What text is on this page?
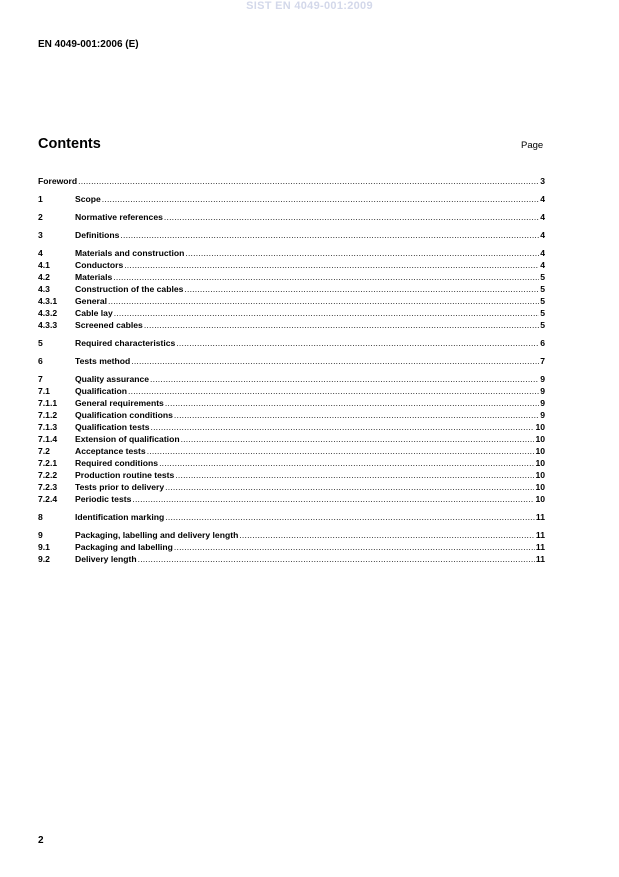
SIST EN 4049-001:2009
EN 4049-001:2006 (E)
Contents	Page
Foreword .....	3
1	Scope .....	4
2	Normative references .....	4
3	Definitions .....	4
4	Materials and construction .....	4
4.1	Conductors .....	4
4.2	Materials .....	5
4.3	Construction of the cables .....	5
4.3.1	General .....	5
4.3.2	Cable lay .....	5
4.3.3	Screened cables .....	5
5	Required characteristics .....	6
6	Tests method .....	7
7	Quality assurance .....	9
7.1	Qualification .....	9
7.1.1	General requirements .....	9
7.1.2	Qualification conditions .....	9
7.1.3	Qualification tests .....	10
7.1.4	Extension of qualification .....	10
7.2	Acceptance tests .....	10
7.2.1	Required conditions .....	10
7.2.2	Production routine tests .....	10
7.2.3	Tests prior to delivery .....	10
7.2.4	Periodic tests .....	10
8	Identification marking .....	11
9	Packaging, labelling and delivery length .....	11
9.1	Packaging and labelling .....	11
9.2	Delivery length .....	11
2
